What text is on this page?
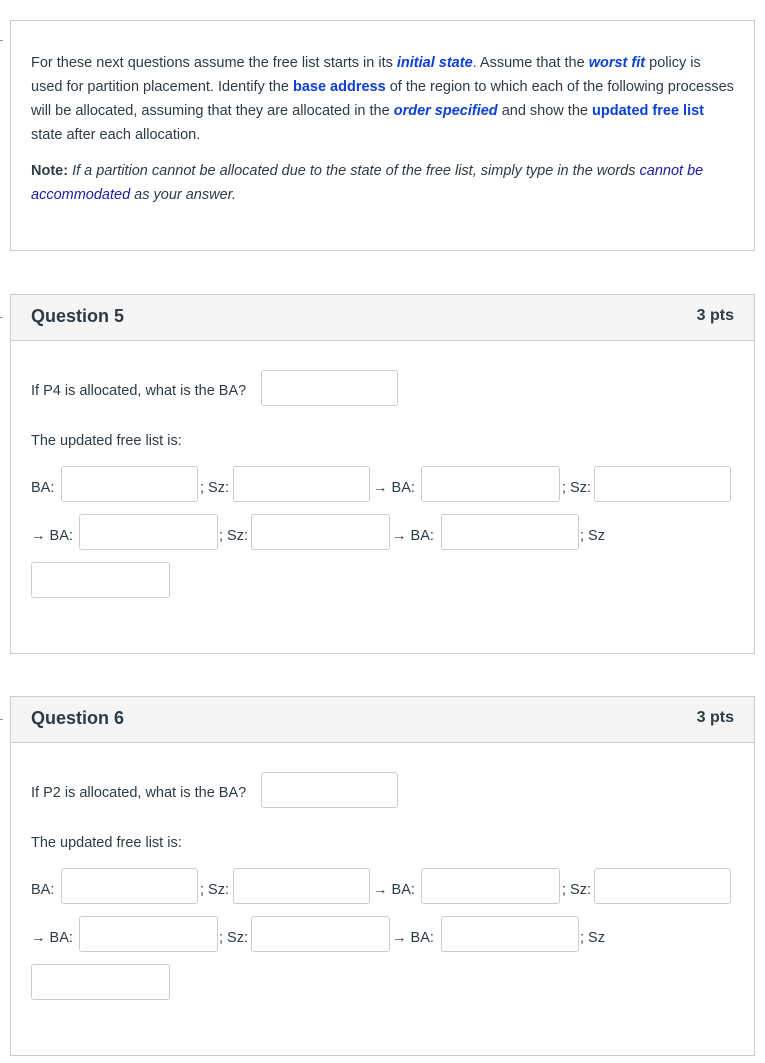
For these next questions assume the free list starts in its initial state. Assume that the worst fit policy is used for partition placement. Identify the base address of the region to which each of the following processes will be allocated, assuming that they are allocated in the order specified and show the updated free list state after each allocation.

Note: If a partition cannot be allocated due to the state of the free list, simply type in the words cannot be accommodated as your answer.

Question 5	3 pts
If P4 is allocated, what is the BA?
The updated free list is:
BA:	; Sz:	→ BA:	; Sz:
→ BA:	; Sz:	→ BA:	; Sz
Question 6	3 pts
If P2 is allocated, what is the BA?
The updated free list is:
BA:	; Sz:	→ BA:	; Sz:
→ BA:	; Sz:	→ BA:	; Sz
